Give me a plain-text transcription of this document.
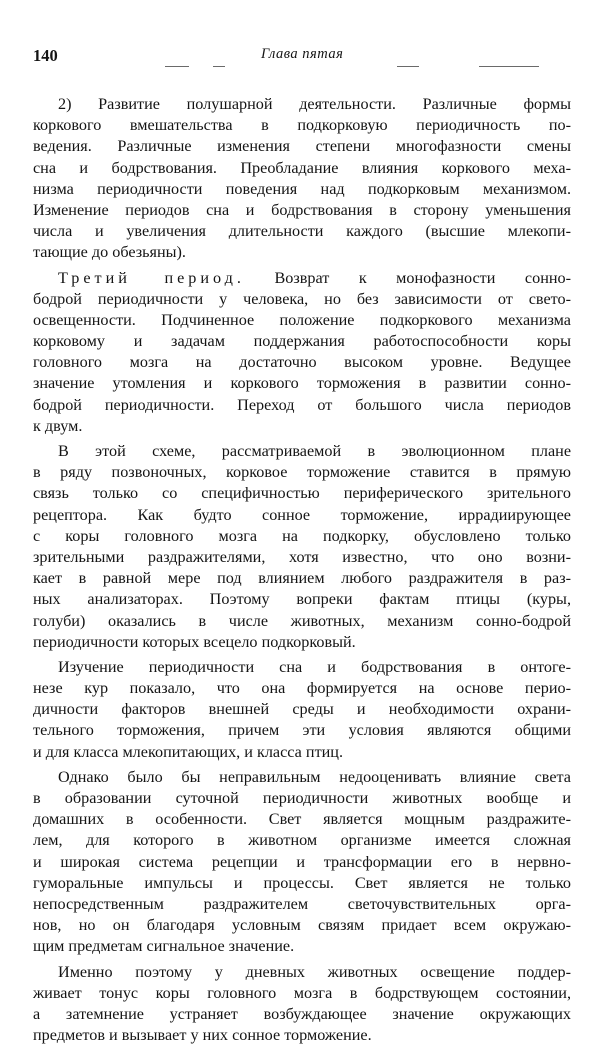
140	Глава пятая
2) Развитие полушарной деятельности. Различные формы
коркового вмешательства в подкорковую периодичность по-
ведения. Различные изменения степени многофазности смены
сна и бодрствования. Преобладание влияния коркового меха-
низма периодичности поведения над подкорковым механизмом.
Изменение периодов сна и бодрствования в сторону уменьшения
числа и увеличения длительности каждого (высшие млекопи-
тающие до обезьяны).
Третий период. Возврат к монофазности сонно-
бодрой периодичности у человека, но без зависимости от свето-
освещенности. Подчиненное положение подкоркового механизма
корковому и задачам поддержания работоспособности коры
головного мозга на достаточно высоком уровне. Ведущее
значение утомления и коркового торможения в развитии сонно-
бодрой периодичности. Переход от большого числа периодов
к двум.
В этой схеме, рассматриваемой в эволюционном плане
в ряду позвоночных, корковое торможение ставится в прямую
связь только со специфичностью периферического зрительного
рецептора. Как будто сонное торможение, иррадиирующее
с коры головного мозга на подкорку, обусловлено только
зрительными раздражителями, хотя известно, что оно возни-
кает в равной мере под влиянием любого раздражителя в раз-
ных анализаторах. Поэтому вопреки фактам птицы (куры,
голуби) оказались в числе животных, механизм сонно-бодрой
периодичности которых всецело подкорковый.
Изучение периодичности сна и бодрствования в онтоге-
незе кур показало, что она формируется на основе перио-
дичности факторов внешней среды и необходимости охрани-
тельного торможения, причем эти условия являются общими
и для класса млекопитающих, и класса птиц.
Однако было бы неправильным недооценивать влияние света
в образовании суточной периодичности животных вообще и
домашних в особенности. Свет является мощным раздражите-
лем, для которого в животном организме имеется сложная
и широкая система рецепции и трансформации его в нервно-
гуморальные импульсы и процессы. Свет является не только
непосредственным раздражителем светочувствительных орга-
нов, но он благодаря условным связям придает всем окружаю-
щим предметам сигнальное значение.
Именно поэтому у дневных животных освещение поддер-
живает тонус коры головного мозга в бодрствующем состоянии,
а затемнение устраняет возбуждающее значение окружающих
предметов и вызывает у них сонное торможение.
